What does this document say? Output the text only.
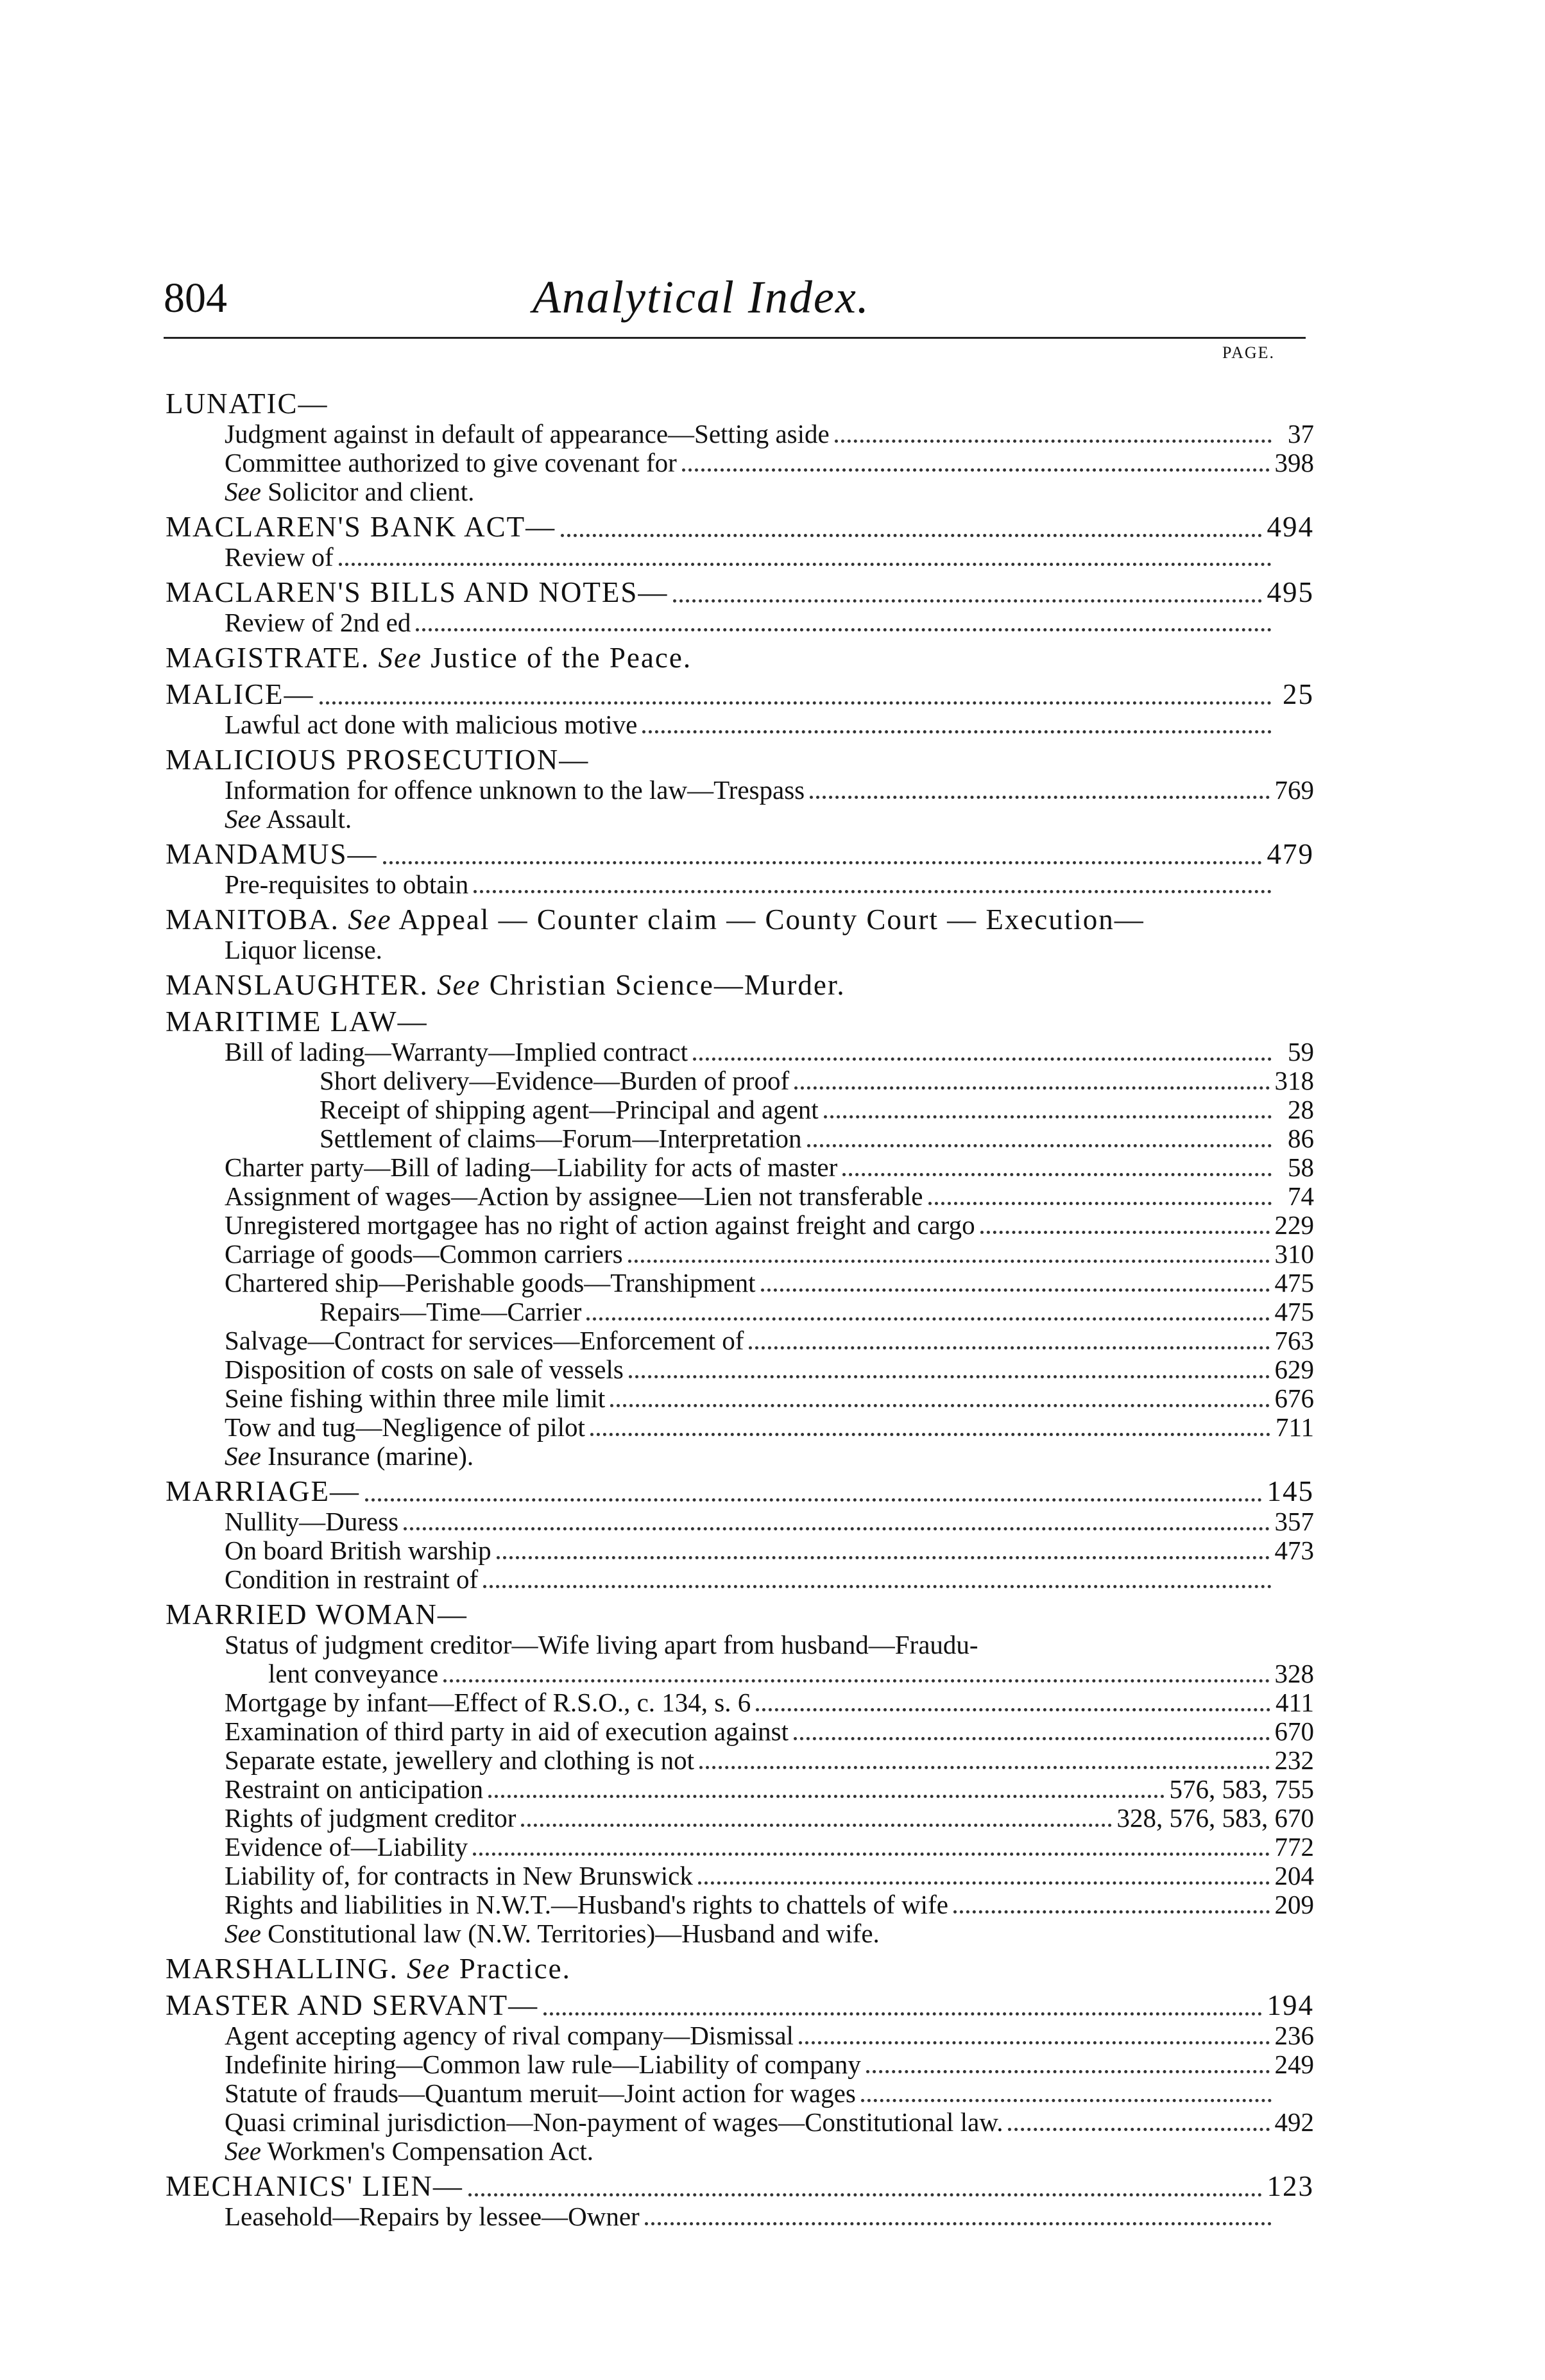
804	Analytical Index.
PAGE.
LUNATIC—
Judgment against in default of appearance—Setting aside	37
Committee authorized to give covenant for	398
See Solicitor and client.
MACLAREN'S BANK ACT—	494
Review of
MACLAREN'S BILLS AND NOTES—	495
Review of 2nd ed
MAGISTRATE. See Justice of the Peace.
MALICE—	25
Lawful act done with malicious motive
MALICIOUS PROSECUTION—
Information for offence unknown to the law—Trespass	769
See Assault.
MANDAMUS—	479
Pre-requisites to obtain
MANITOBA. See Appeal — Counter claim — County Court — Execution—
Liquor license.
MANSLAUGHTER. See Christian Science—Murder.
MARITIME LAW—
Bill of lading—Warranty—Implied contract	59
Short delivery—Evidence—Burden of proof	318
Receipt of shipping agent—Principal and agent	28
Settlement of claims—Forum—Interpretation	86
Charter party—Bill of lading—Liability for acts of master	58
Assignment of wages—Action by assignee—Lien not transferable	74
Unregistered mortgagee has no right of action against freight and cargo	229
Carriage of goods—Common carriers	310
Chartered ship—Perishable goods—Transhipment	475
Repairs—Time—Carrier	475
Salvage—Contract for services—Enforcement of	763
Disposition of costs on sale of vessels	629
Seine fishing within three mile limit	676
Tow and tug—Negligence of pilot	711
See Insurance (marine).
MARRIAGE—	145
Nullity—Duress	357
On board British warship	473
Condition in restraint of
MARRIED WOMAN—
Status of judgment creditor—Wife living apart from husband—Fraudu-
lent conveyance	328
Mortgage by infant—Effect of R.S.O., c. 134, s. 6	411
Examination of third party in aid of execution against	670
Separate estate, jewellery and clothing is not	232
Restraint on anticipation	576, 583, 755
Rights of judgment creditor	328, 576, 583, 670
Evidence of—Liability	772
Liability of, for contracts in New Brunswick	204
Rights and liabilities in N.W.T.—Husband's rights to chattels of wife	209
See Constitutional law (N.W. Territories)—Husband and wife.
MARSHALLING. See Practice.
MASTER AND SERVANT—	194
Agent accepting agency of rival company—Dismissal	236
Indefinite hiring—Common law rule—Liability of company	249
Statute of frauds—Quantum meruit—Joint action for wages
Quasi criminal jurisdiction—Non-payment of wages—Constitutional law.	492
See Workmen's Compensation Act.
MECHANICS' LIEN—	123
Leasehold—Repairs by lessee—Owner
